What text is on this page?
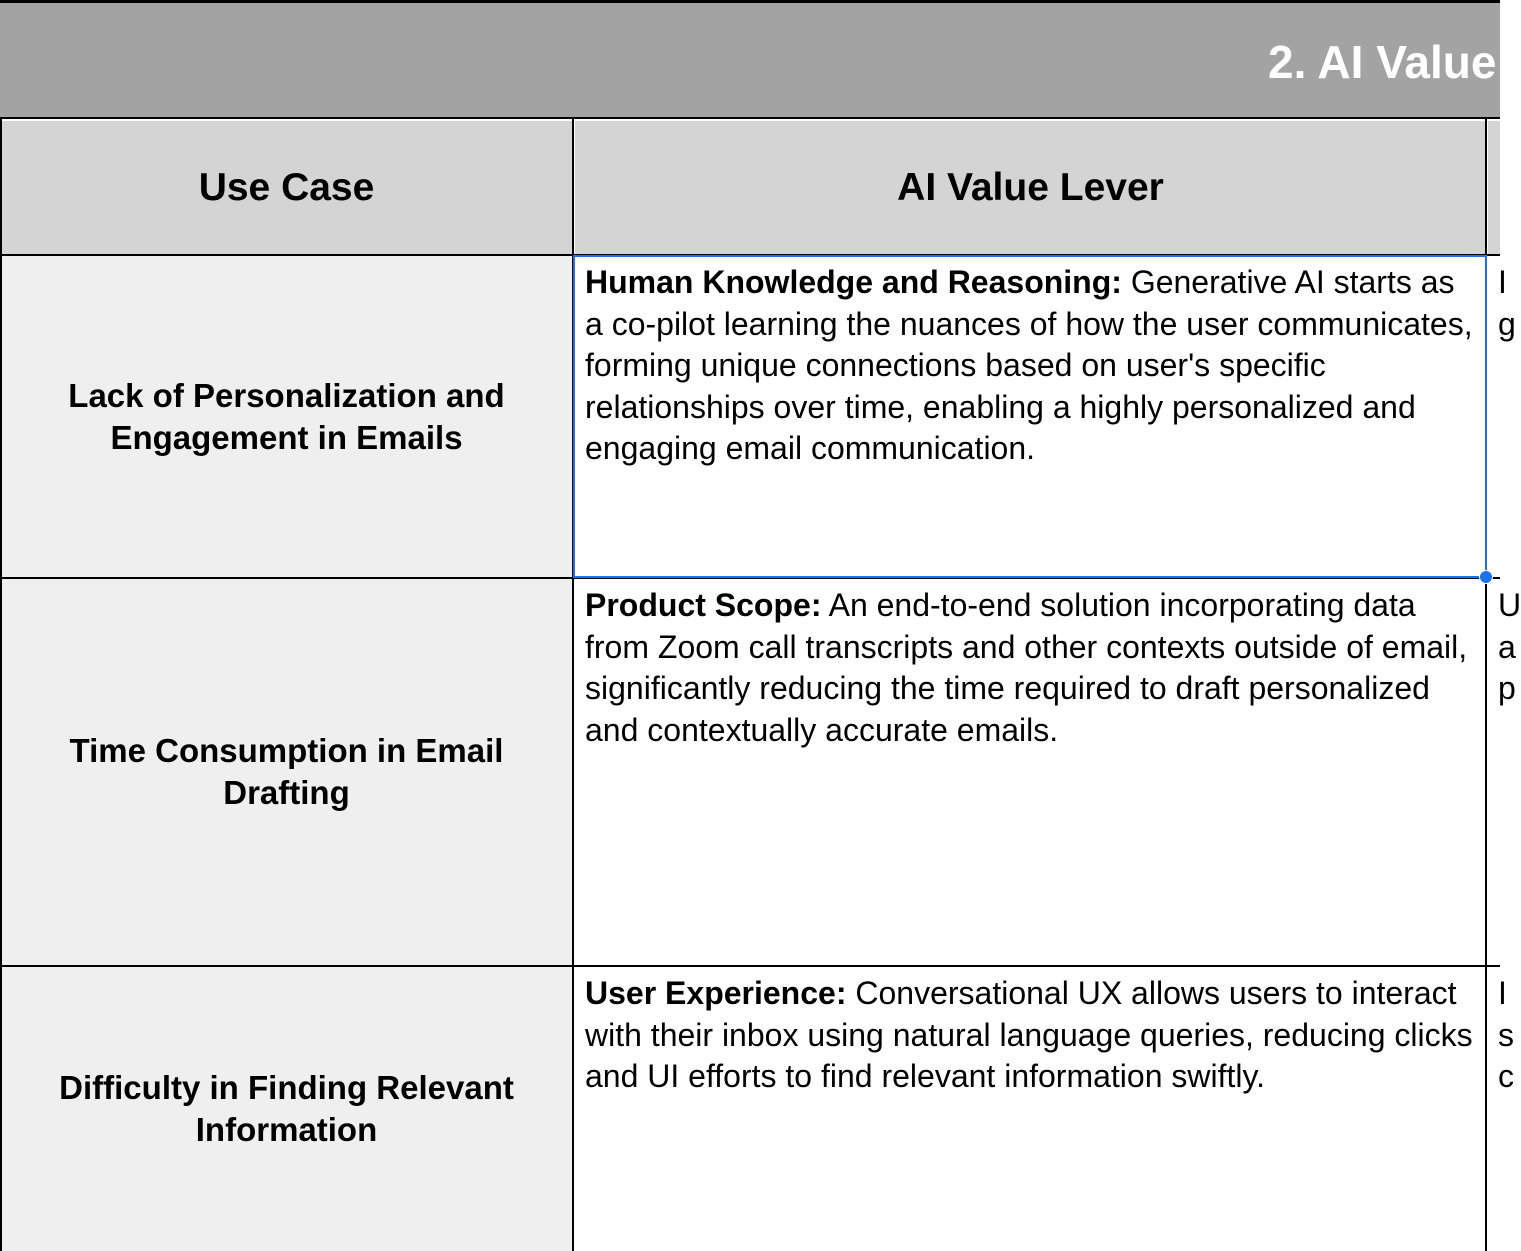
2. AI Value
Use Case	AI Value Lever
Lack of Personalization and Engagement in Emails
Human Knowledge and Reasoning: Generative AI starts as a co-pilot learning the nuances of how the user communicates, forming unique connections based on user's specific relationships over time, enabling a highly personalized and engaging email communication.
I
g
Time Consumption in Email Drafting
Product Scope: An end-to-end solution incorporating data from Zoom call transcripts and other contexts outside of email, significantly reducing the time required to draft personalized and contextually accurate emails.
U
a
p
Difficulty in Finding Relevant Information
User Experience: Conversational UX allows users to interact with their inbox using natural language queries, reducing clicks and UI efforts to find relevant information swiftly.
I
s
c
